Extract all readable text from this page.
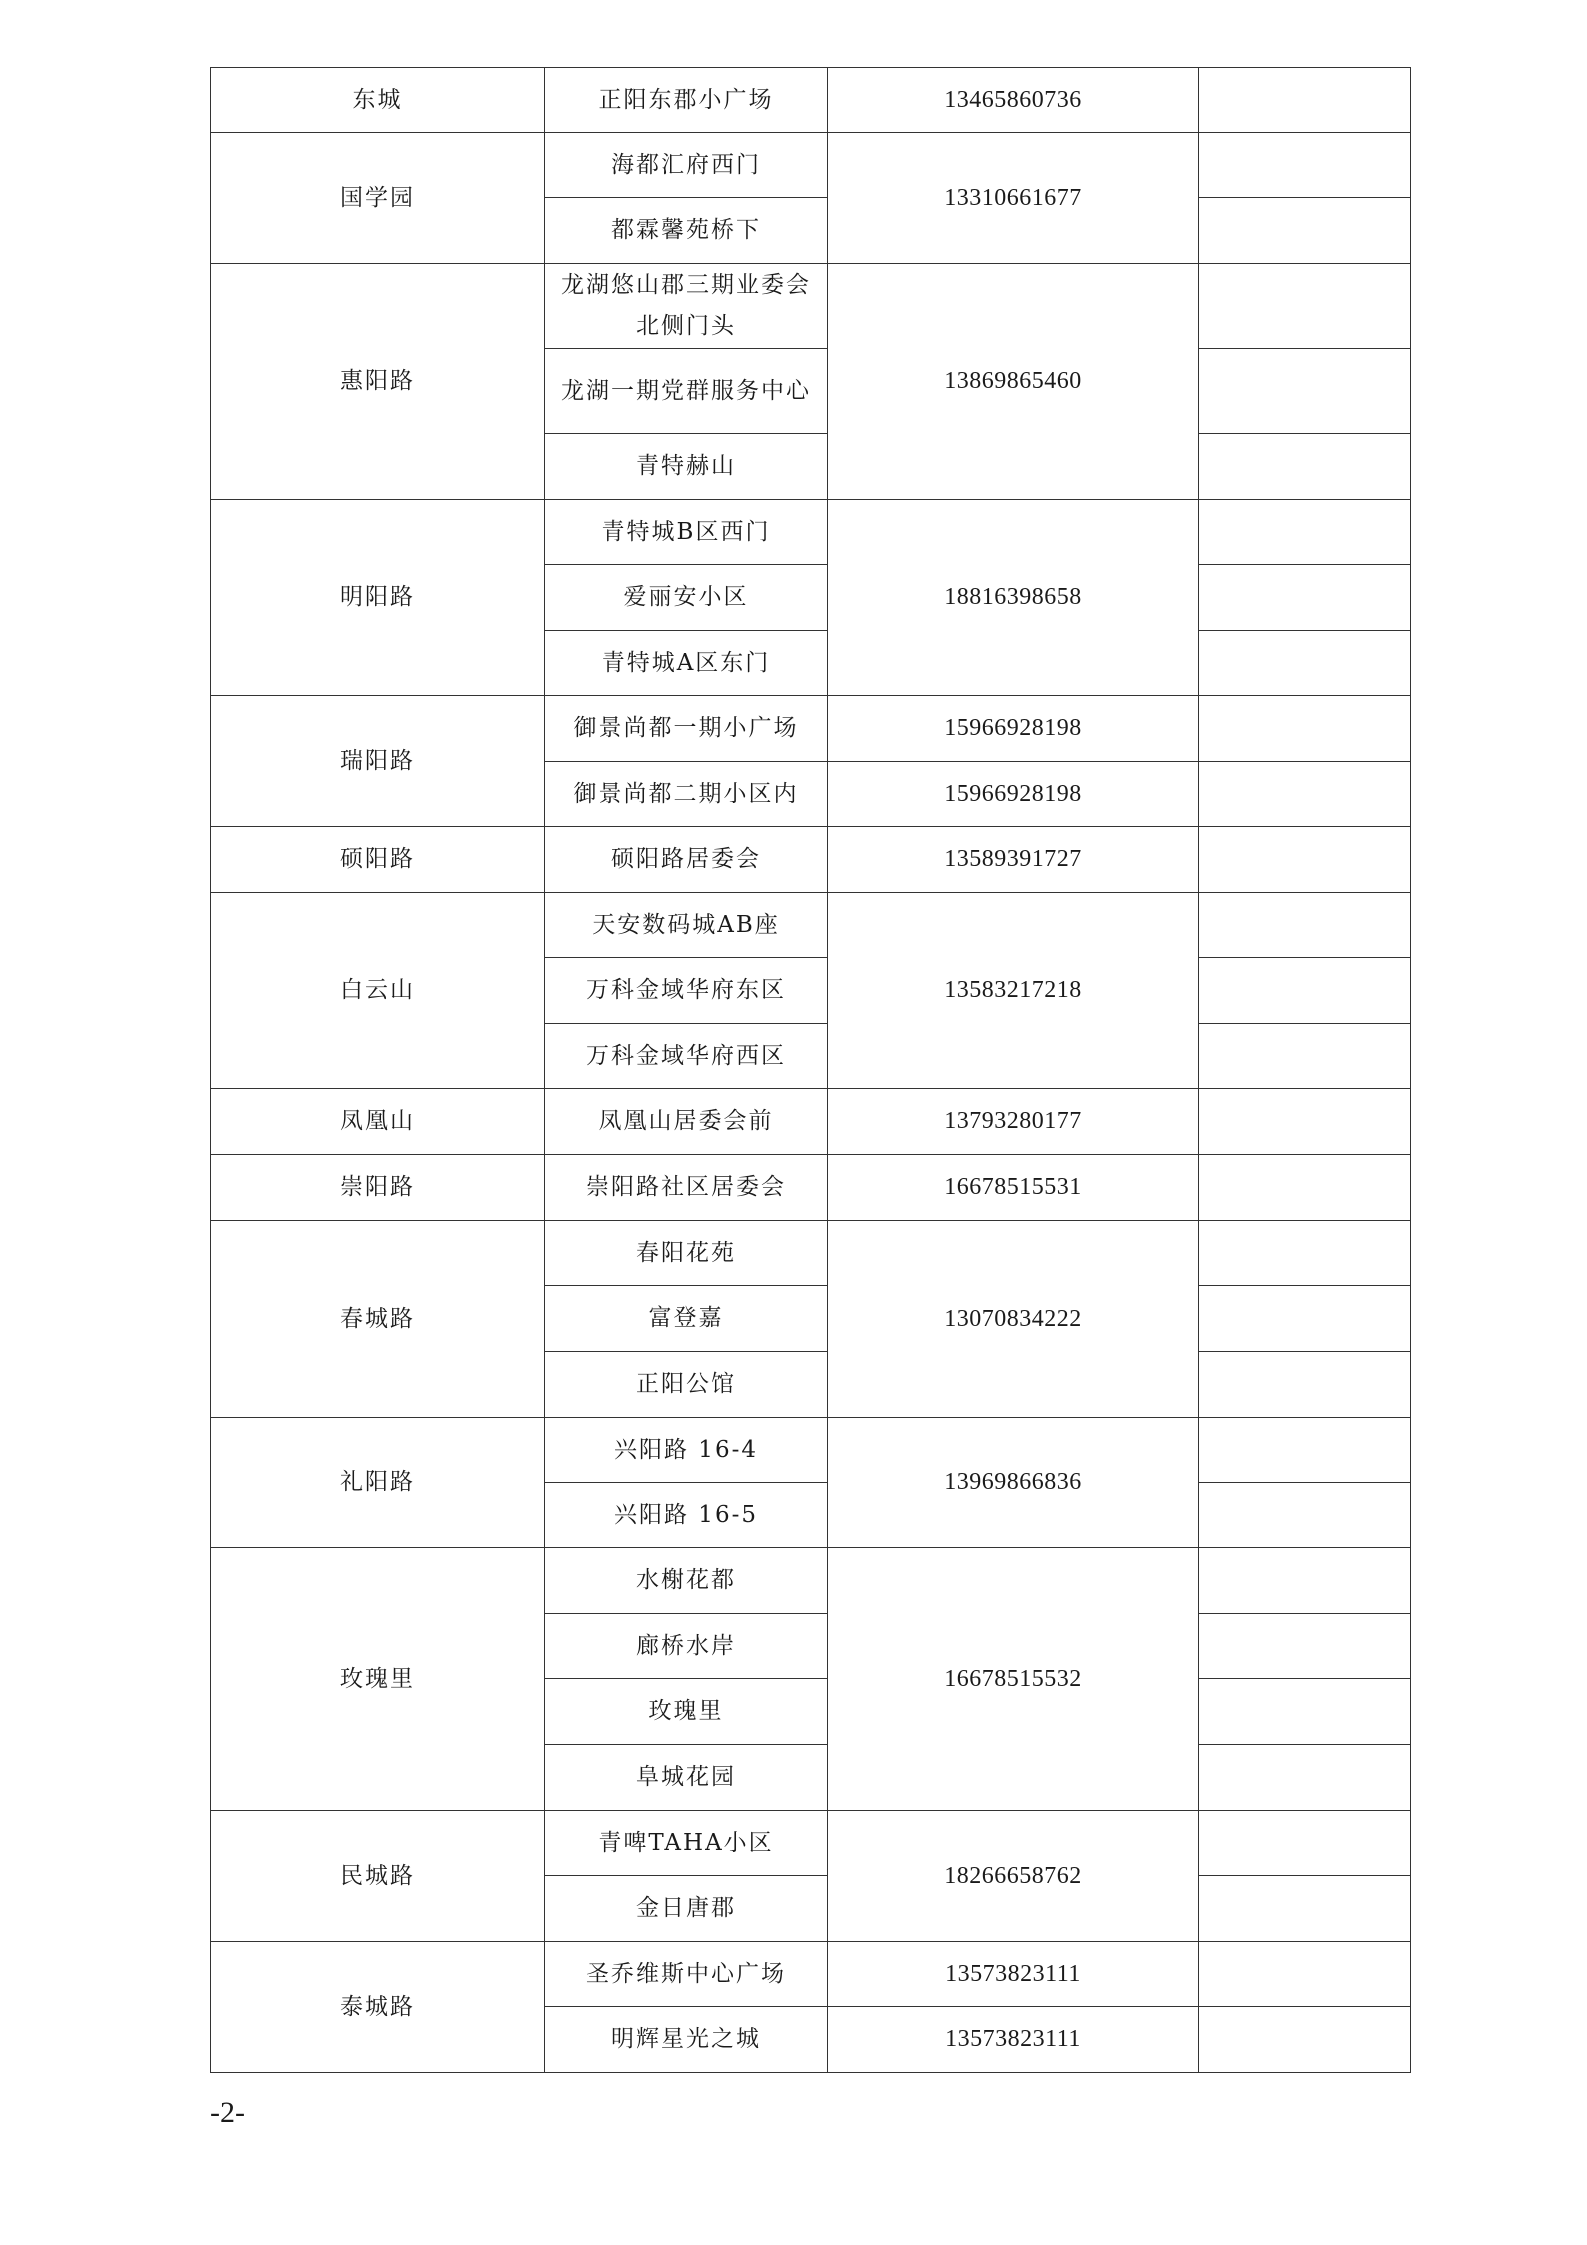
东城	正阳东郡小广场	13465860736	
国学园	海都汇府西门	13310661677	
	都霖馨苑桥下		
惠阳路	龙湖悠山郡三期业委会北侧门头	13869865460	
	龙湖一期党群服务中心		
	青特赫山		
明阳路	青特城B区西门	18816398658	
	爱丽安小区		
	青特城A区东门		
瑞阳路	御景尚都一期小广场	15966928198	
	御景尚都二期小区内	15966928198	
硕阳路	硕阳路居委会	13589391727	
白云山	天安数码城AB座	13583217218	
	万科金域华府东区		
	万科金域华府西区		
凤凰山	凤凰山居委会前	13793280177	
崇阳路	崇阳路社区居委会	16678515531	
春城路	春阳花苑	13070834222	
	富登嘉		
	正阳公馆		
礼阳路	兴阳路 16-4	13969866836	
	兴阳路 16-5		
玫瑰里	水榭花都	16678515532	
	廊桥水岸		
	玫瑰里		
	阜城花园		
民城路	青啤TAHA小区	18266658762	
	金日唐郡		
泰城路	圣乔维斯中心广场	13573823111	
	明辉星光之城	13573823111	
-2-
